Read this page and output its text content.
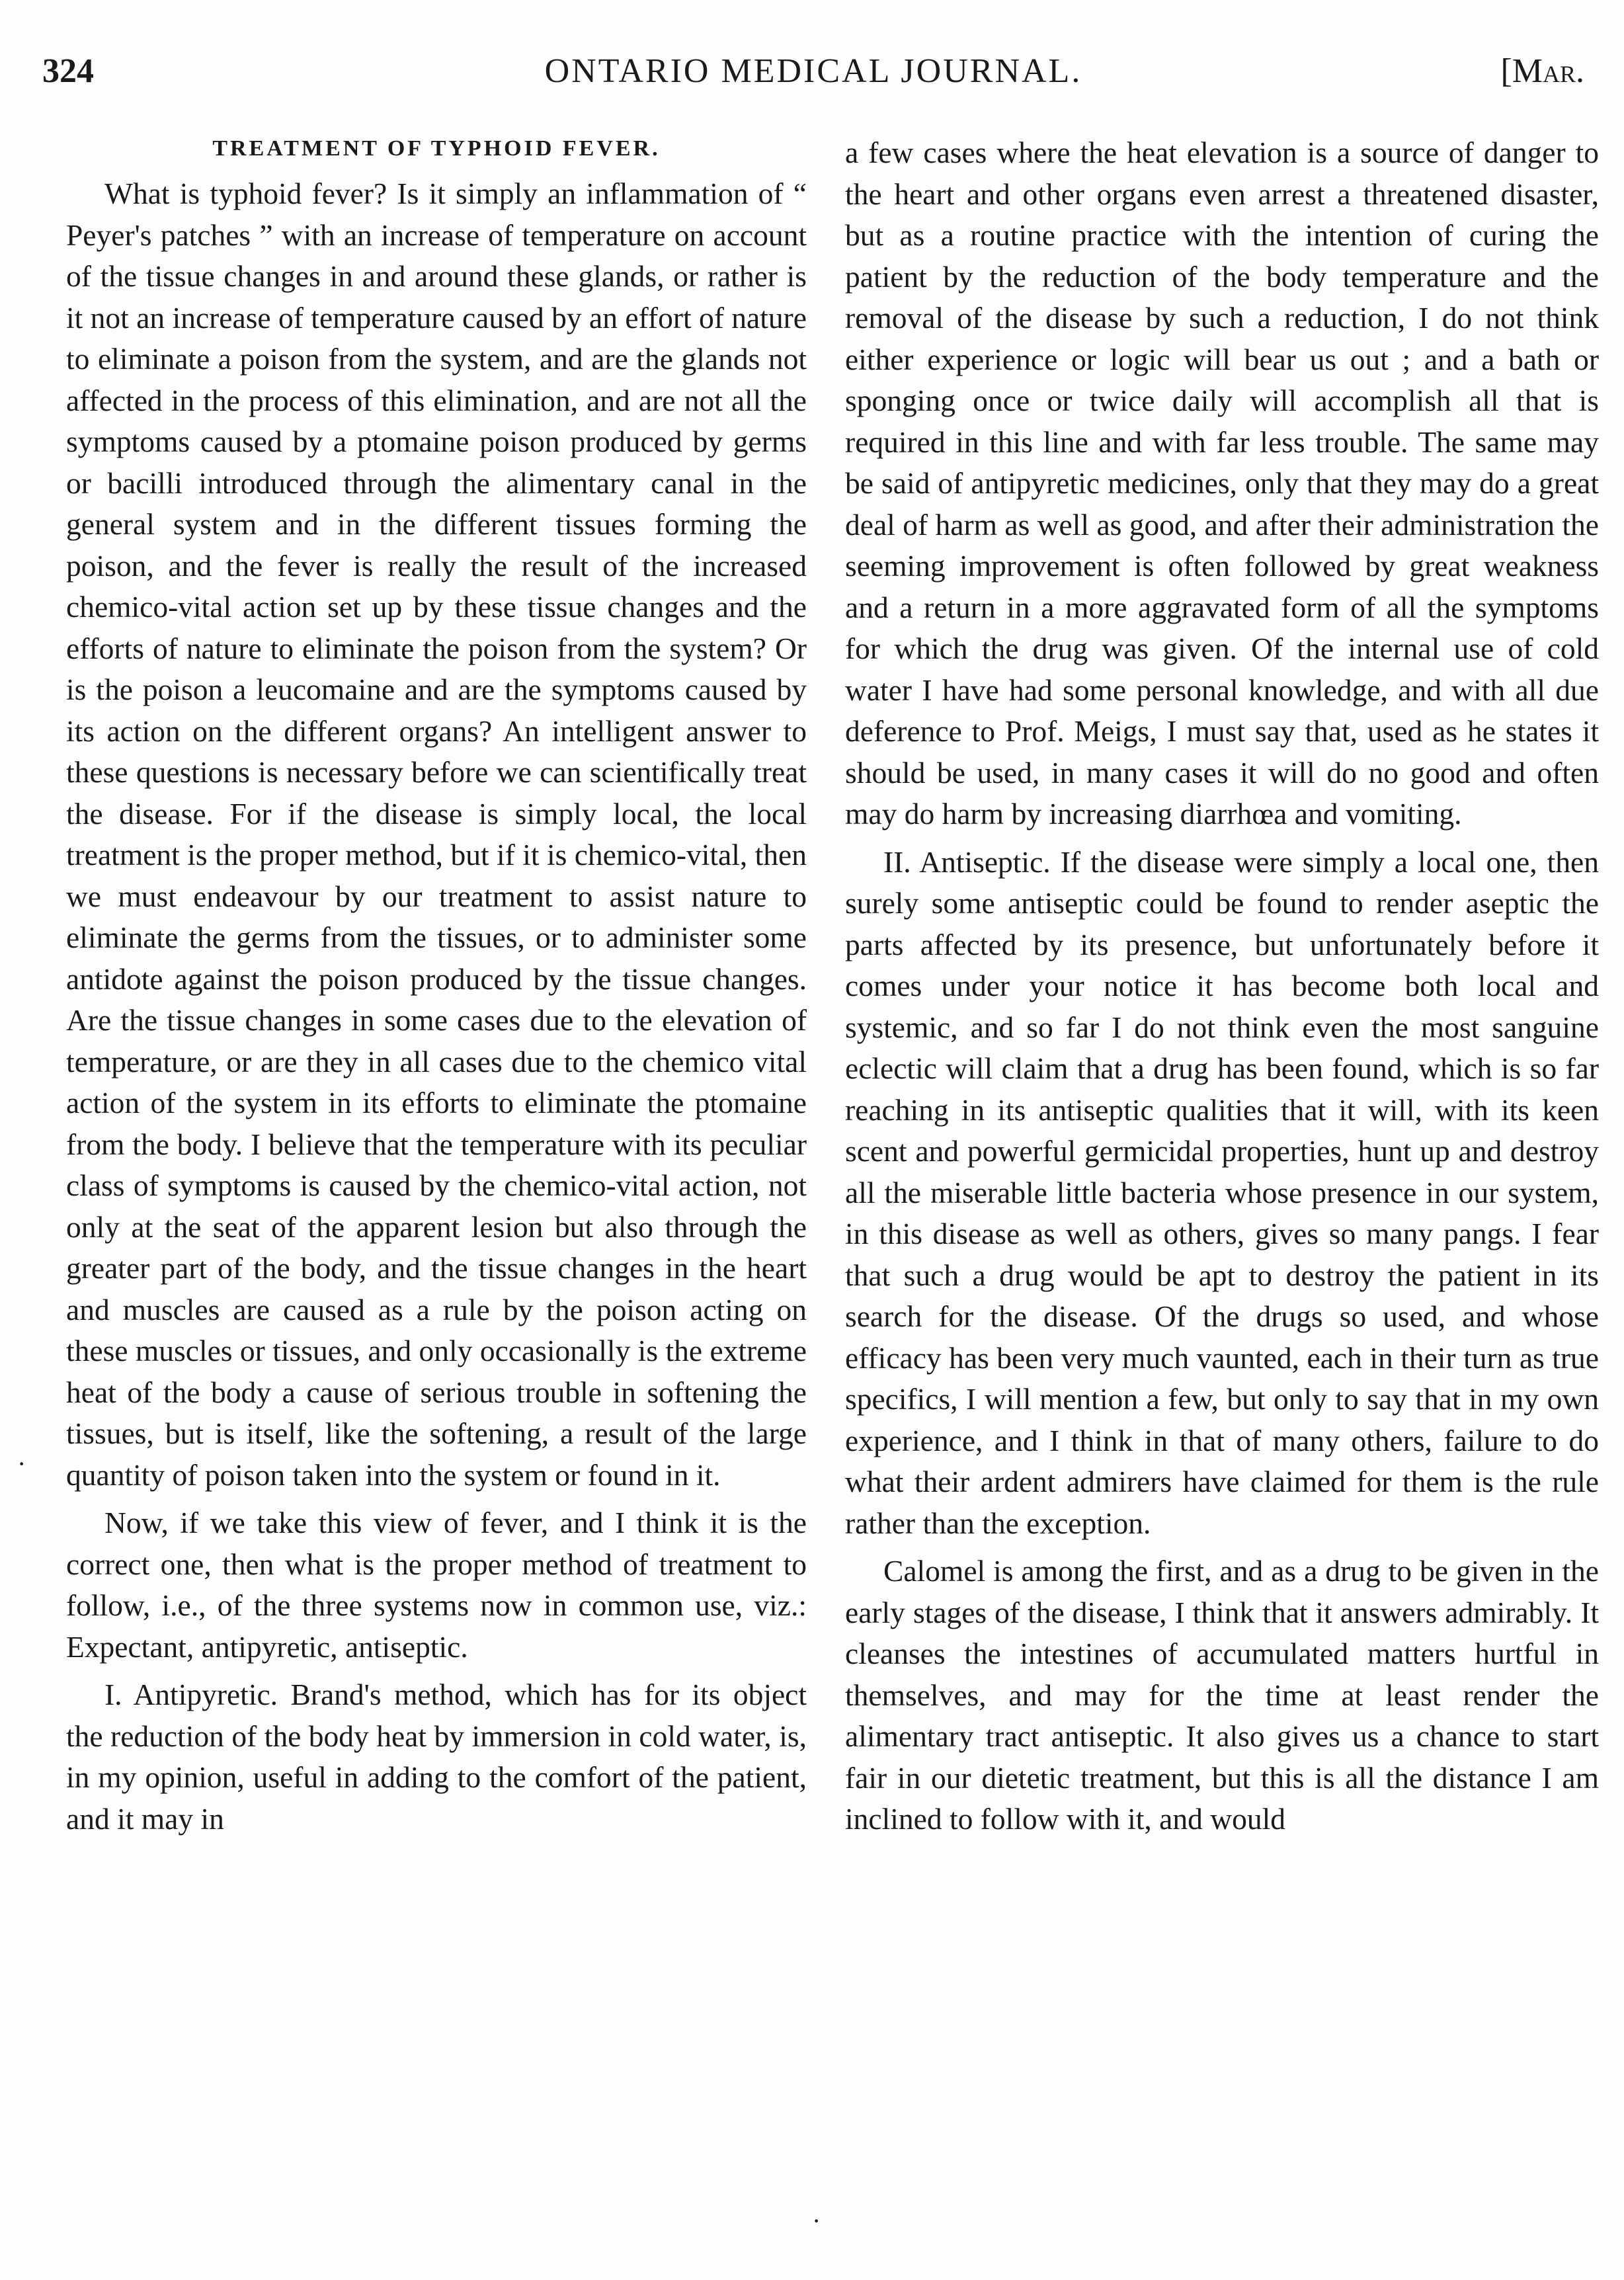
324	ONTARIO MEDICAL JOURNAL.	[Mar.
·
TREATMENT OF TYPHOID FEVER.

What is typhoid fever? Is it simply an inflammation of “ Peyer's patches ” with an increase of temperature on account of the tissue changes in and around these glands, or rather is it not an increase of temperature caused by an effort of nature to eliminate a poison from the system, and are the glands not affected in the process of this elimination, and are not all the symptoms caused by a ptomaine poison produced by germs or bacilli introduced through the alimentary canal in the general system and in the different tissues forming the poison, and the fever is really the result of the increased chemico-vital action set up by these tissue changes and the efforts of nature to eliminate the poison from the system? Or is the poison a leucomaine and are the symptoms caused by its action on the different organs? An intelligent answer to these questions is necessary before we can scientifically treat the disease. For if the disease is simply local, the local treatment is the proper method, but if it is chemico-vital, then we must endeavour by our treatment to assist nature to eliminate the germs from the tissues, or to administer some antidote against the poison produced by the tissue changes. Are the tissue changes in some cases due to the elevation of temperature, or are they in all cases due to the chemico vital action of the system in its efforts to eliminate the ptomaine from the body. I believe that the temperature with its peculiar class of symptoms is caused by the chemico-vital action, not only at the seat of the apparent lesion but also through the greater part of the body, and the tissue changes in the heart and muscles are caused as a rule by the poison acting on these muscles or tissues, and only occasionally is the extreme heat of the body a cause of serious trouble in softening the tissues, but is itself, like the softening, a result of the large quantity of poison taken into the system or found in it.

Now, if we take this view of fever, and I think it is the correct one, then what is the proper method of treatment to follow, i.e., of the three systems now in common use, viz.: Expectant, antipyretic, antiseptic.

I. Antipyretic. Brand's method, which has for its object the reduction of the body heat by immersion in cold water, is, in my opinion, useful in adding to the comfort of the patient, and it may in

a few cases where the heat elevation is a source of danger to the heart and other organs even arrest a threatened disaster, but as a routine practice with the intention of curing the patient by the reduction of the body temperature and the removal of the disease by such a reduction, I do not think either experience or logic will bear us out ; and a bath or sponging once or twice daily will accomplish all that is required in this line and with far less trouble. The same may be said of antipyretic medicines, only that they may do a great deal of harm as well as good, and after their administration the seeming improvement is often followed by great weakness and a return in a more aggravated form of all the symptoms for which the drug was given. Of the internal use of cold water I have had some personal knowledge, and with all due deference to Prof. Meigs, I must say that, used as he states it should be used, in many cases it will do no good and often may do harm by increasing diarrhœa and vomiting.

II. Antiseptic. If the disease were simply a local one, then surely some antiseptic could be found to render aseptic the parts affected by its presence, but unfortunately before it comes under your notice it has become both local and systemic, and so far I do not think even the most sanguine eclectic will claim that a drug has been found, which is so far reaching in its antiseptic qualities that it will, with its keen scent and powerful germicidal properties, hunt up and destroy all the miserable little bacteria whose presence in our system, in this disease as well as others, gives so many pangs. I fear that such a drug would be apt to destroy the patient in its search for the disease. Of the drugs so used, and whose efficacy has been very much vaunted, each in their turn as true specifics, I will mention a few, but only to say that in my own experience, and I think in that of many others, failure to do what their ardent admirers have claimed for them is the rule rather than the exception.

Calomel is among the first, and as a drug to be given in the early stages of the disease, I think that it answers admirably. It cleanses the intestines of accumulated matters hurtful in themselves, and may for the time at least render the alimentary tract antiseptic. It also gives us a chance to start fair in our dietetic treatment, but this is all the distance I am inclined to follow with it, and would

·
